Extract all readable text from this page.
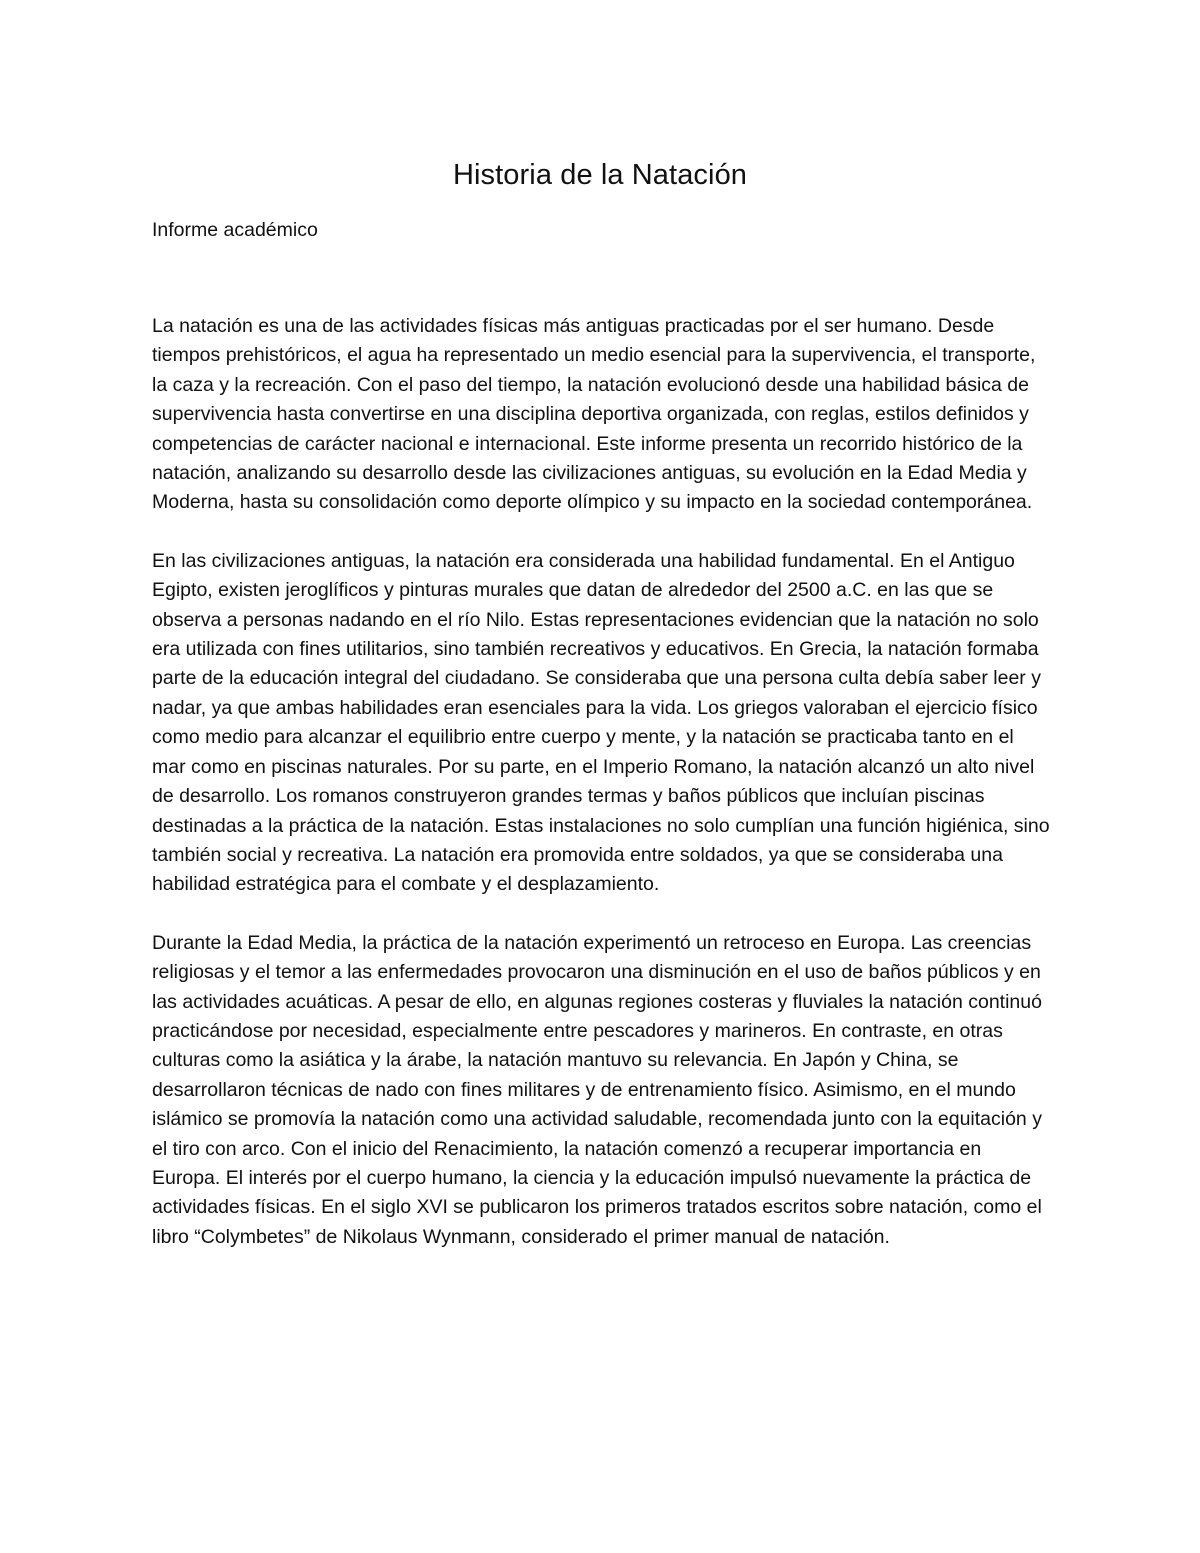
Historia de la Natación
Informe académico

La natación es una de las actividades físicas más antiguas practicadas por el ser humano. Desde tiempos prehistóricos, el agua ha representado un medio esencial para la supervivencia, el transporte, la caza y la recreación. Con el paso del tiempo, la natación evolucionó desde una habilidad básica de supervivencia hasta convertirse en una disciplina deportiva organizada, con reglas, estilos definidos y competencias de carácter nacional e internacional. Este informe presenta un recorrido histórico de la natación, analizando su desarrollo desde las civilizaciones antiguas, su evolución en la Edad Media y Moderna, hasta su consolidación como deporte olímpico y su impacto en la sociedad contemporánea.

En las civilizaciones antiguas, la natación era considerada una habilidad fundamental. En el Antiguo Egipto, existen jeroglíficos y pinturas murales que datan de alrededor del 2500 a.C. en las que se observa a personas nadando en el río Nilo. Estas representaciones evidencian que la natación no solo era utilizada con fines utilitarios, sino también recreativos y educativos. En Grecia, la natación formaba parte de la educación integral del ciudadano. Se consideraba que una persona culta debía saber leer y nadar, ya que ambas habilidades eran esenciales para la vida. Los griegos valoraban el ejercicio físico como medio para alcanzar el equilibrio entre cuerpo y mente, y la natación se practicaba tanto en el mar como en piscinas naturales. Por su parte, en el Imperio Romano, la natación alcanzó un alto nivel de desarrollo. Los romanos construyeron grandes termas y baños públicos que incluían piscinas destinadas a la práctica de la natación. Estas instalaciones no solo cumplían una función higiénica, sino también social y recreativa. La natación era promovida entre soldados, ya que se consideraba una habilidad estratégica para el combate y el desplazamiento.

Durante la Edad Media, la práctica de la natación experimentó un retroceso en Europa. Las creencias religiosas y el temor a las enfermedades provocaron una disminución en el uso de baños públicos y en las actividades acuáticas. A pesar de ello, en algunas regiones costeras y fluviales la natación continuó practicándose por necesidad, especialmente entre pescadores y marineros. En contraste, en otras culturas como la asiática y la árabe, la natación mantuvo su relevancia. En Japón y China, se desarrollaron técnicas de nado con fines militares y de entrenamiento físico. Asimismo, en el mundo islámico se promovía la natación como una actividad saludable, recomendada junto con la equitación y el tiro con arco. Con el inicio del Renacimiento, la natación comenzó a recuperar importancia en Europa. El interés por el cuerpo humano, la ciencia y la educación impulsó nuevamente la práctica de actividades físicas. En el siglo XVI se publicaron los primeros tratados escritos sobre natación, como el libro “Colymbetes” de Nikolaus Wynmann, considerado el primer manual de natación.
